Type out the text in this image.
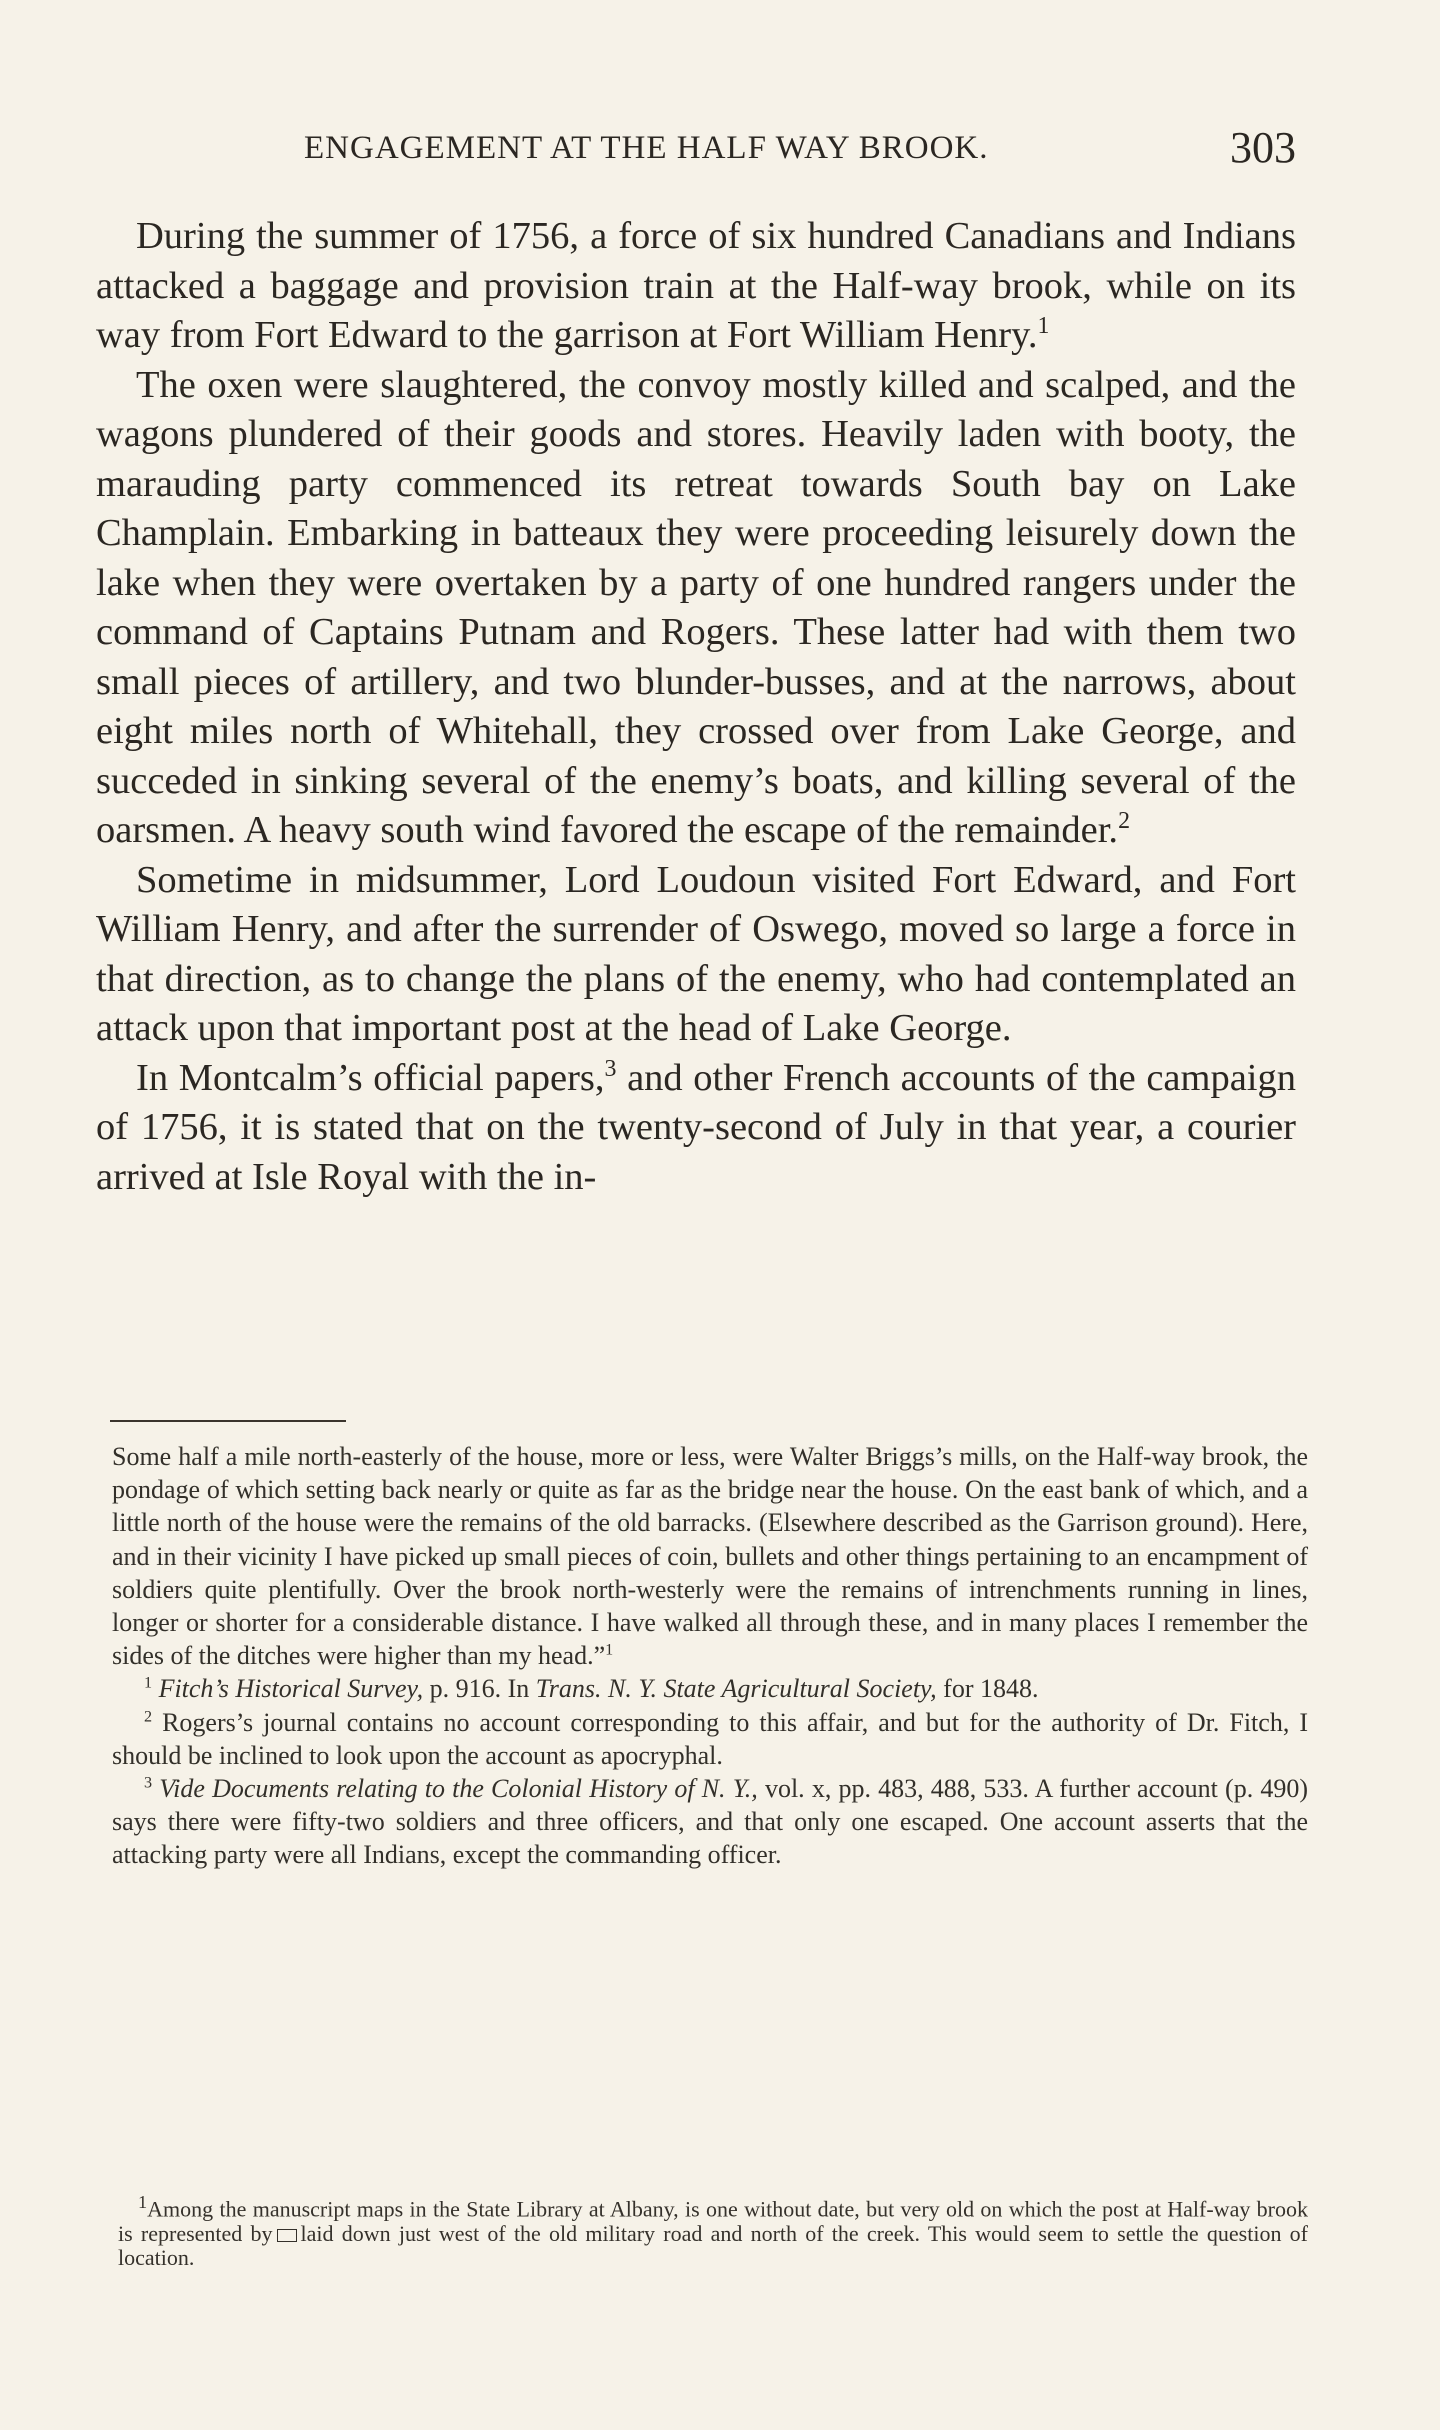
ENGAGEMENT AT THE HALF WAY BROOK.	303

During the summer of 1756, a force of six hundred Canadians and Indians attacked a baggage and provision train at the Half-way brook, while on its way from Fort Edward to the garrison at Fort William Henry.$^1$

The oxen were slaughtered, the convoy mostly killed and scalped, and the wagons plundered of their goods and stores. Heavily laden with booty, the marauding party commenced its retreat towards South bay on Lake Champlain. Embarking in batteaux they were proceeding leisurely down the lake when they were overtaken by a party of one hundred rangers under the command of Captains Putnam and Rogers. These latter had with them two small pieces of artillery, and two blunder-busses, and at the narrows, about eight miles north of Whitehall, they crossed over from Lake George, and succeded in sinking several of the enemy’s boats, and killing several of the oarsmen. A heavy south wind favored the escape of the remainder.$^2$

Sometime in midsummer, Lord Loudoun visited Fort Edward, and Fort William Henry, and after the surrender of Oswego, moved so large a force in that direction, as to change the plans of the enemy, who had contemplated an attack upon that important post at the head of Lake George.

In Montcalm’s official papers,$^3$ and other French accounts of the campaign of 1756, it is stated that on the twenty-second of July in that year, a courier arrived at Isle Royal with the in-

Some half a mile north-easterly of the house, more or less, were Walter Briggs’s mills, on the Half-way brook, the pondage of which setting back nearly or quite as far as the bridge near the house. On the east bank of which, and a little north of the house were the remains of the old barracks. (Elsewhere described as the Garrison ground). Here, and in their vicinity I have picked up small pieces of coin, bullets and other things pertaining to an encampment of soldiers quite plentifully. Over the brook north-westerly were the remains of intrenchments running in lines, longer or shorter for a considerable distance. I have walked all through these, and in many places I remember the sides of the ditches were higher than my head.”$^1$

$^1$ Fitch’s Historical Survey, p. 916. In Trans. N. Y. State Agricultural Society, for 1848.

$^2$ Rogers’s journal contains no account corresponding to this affair, and but for the authority of Dr. Fitch, I should be inclined to look upon the account as apocryphal.

$^3$ Vide Documents relating to the Colonial History of N. Y., vol. x, pp. 483, 488, 533. A further account (p. 490) says there were fifty-two soldiers and three officers, and that only one escaped. One account asserts that the attacking party were all Indians, except the commanding officer.

$^1$Among the manuscript maps in the State Library at Albany, is one without date, but very old on which the post at Half-way brook is represented by laid down just west of the old military road and north of the creek. This would seem to settle the question of location.
